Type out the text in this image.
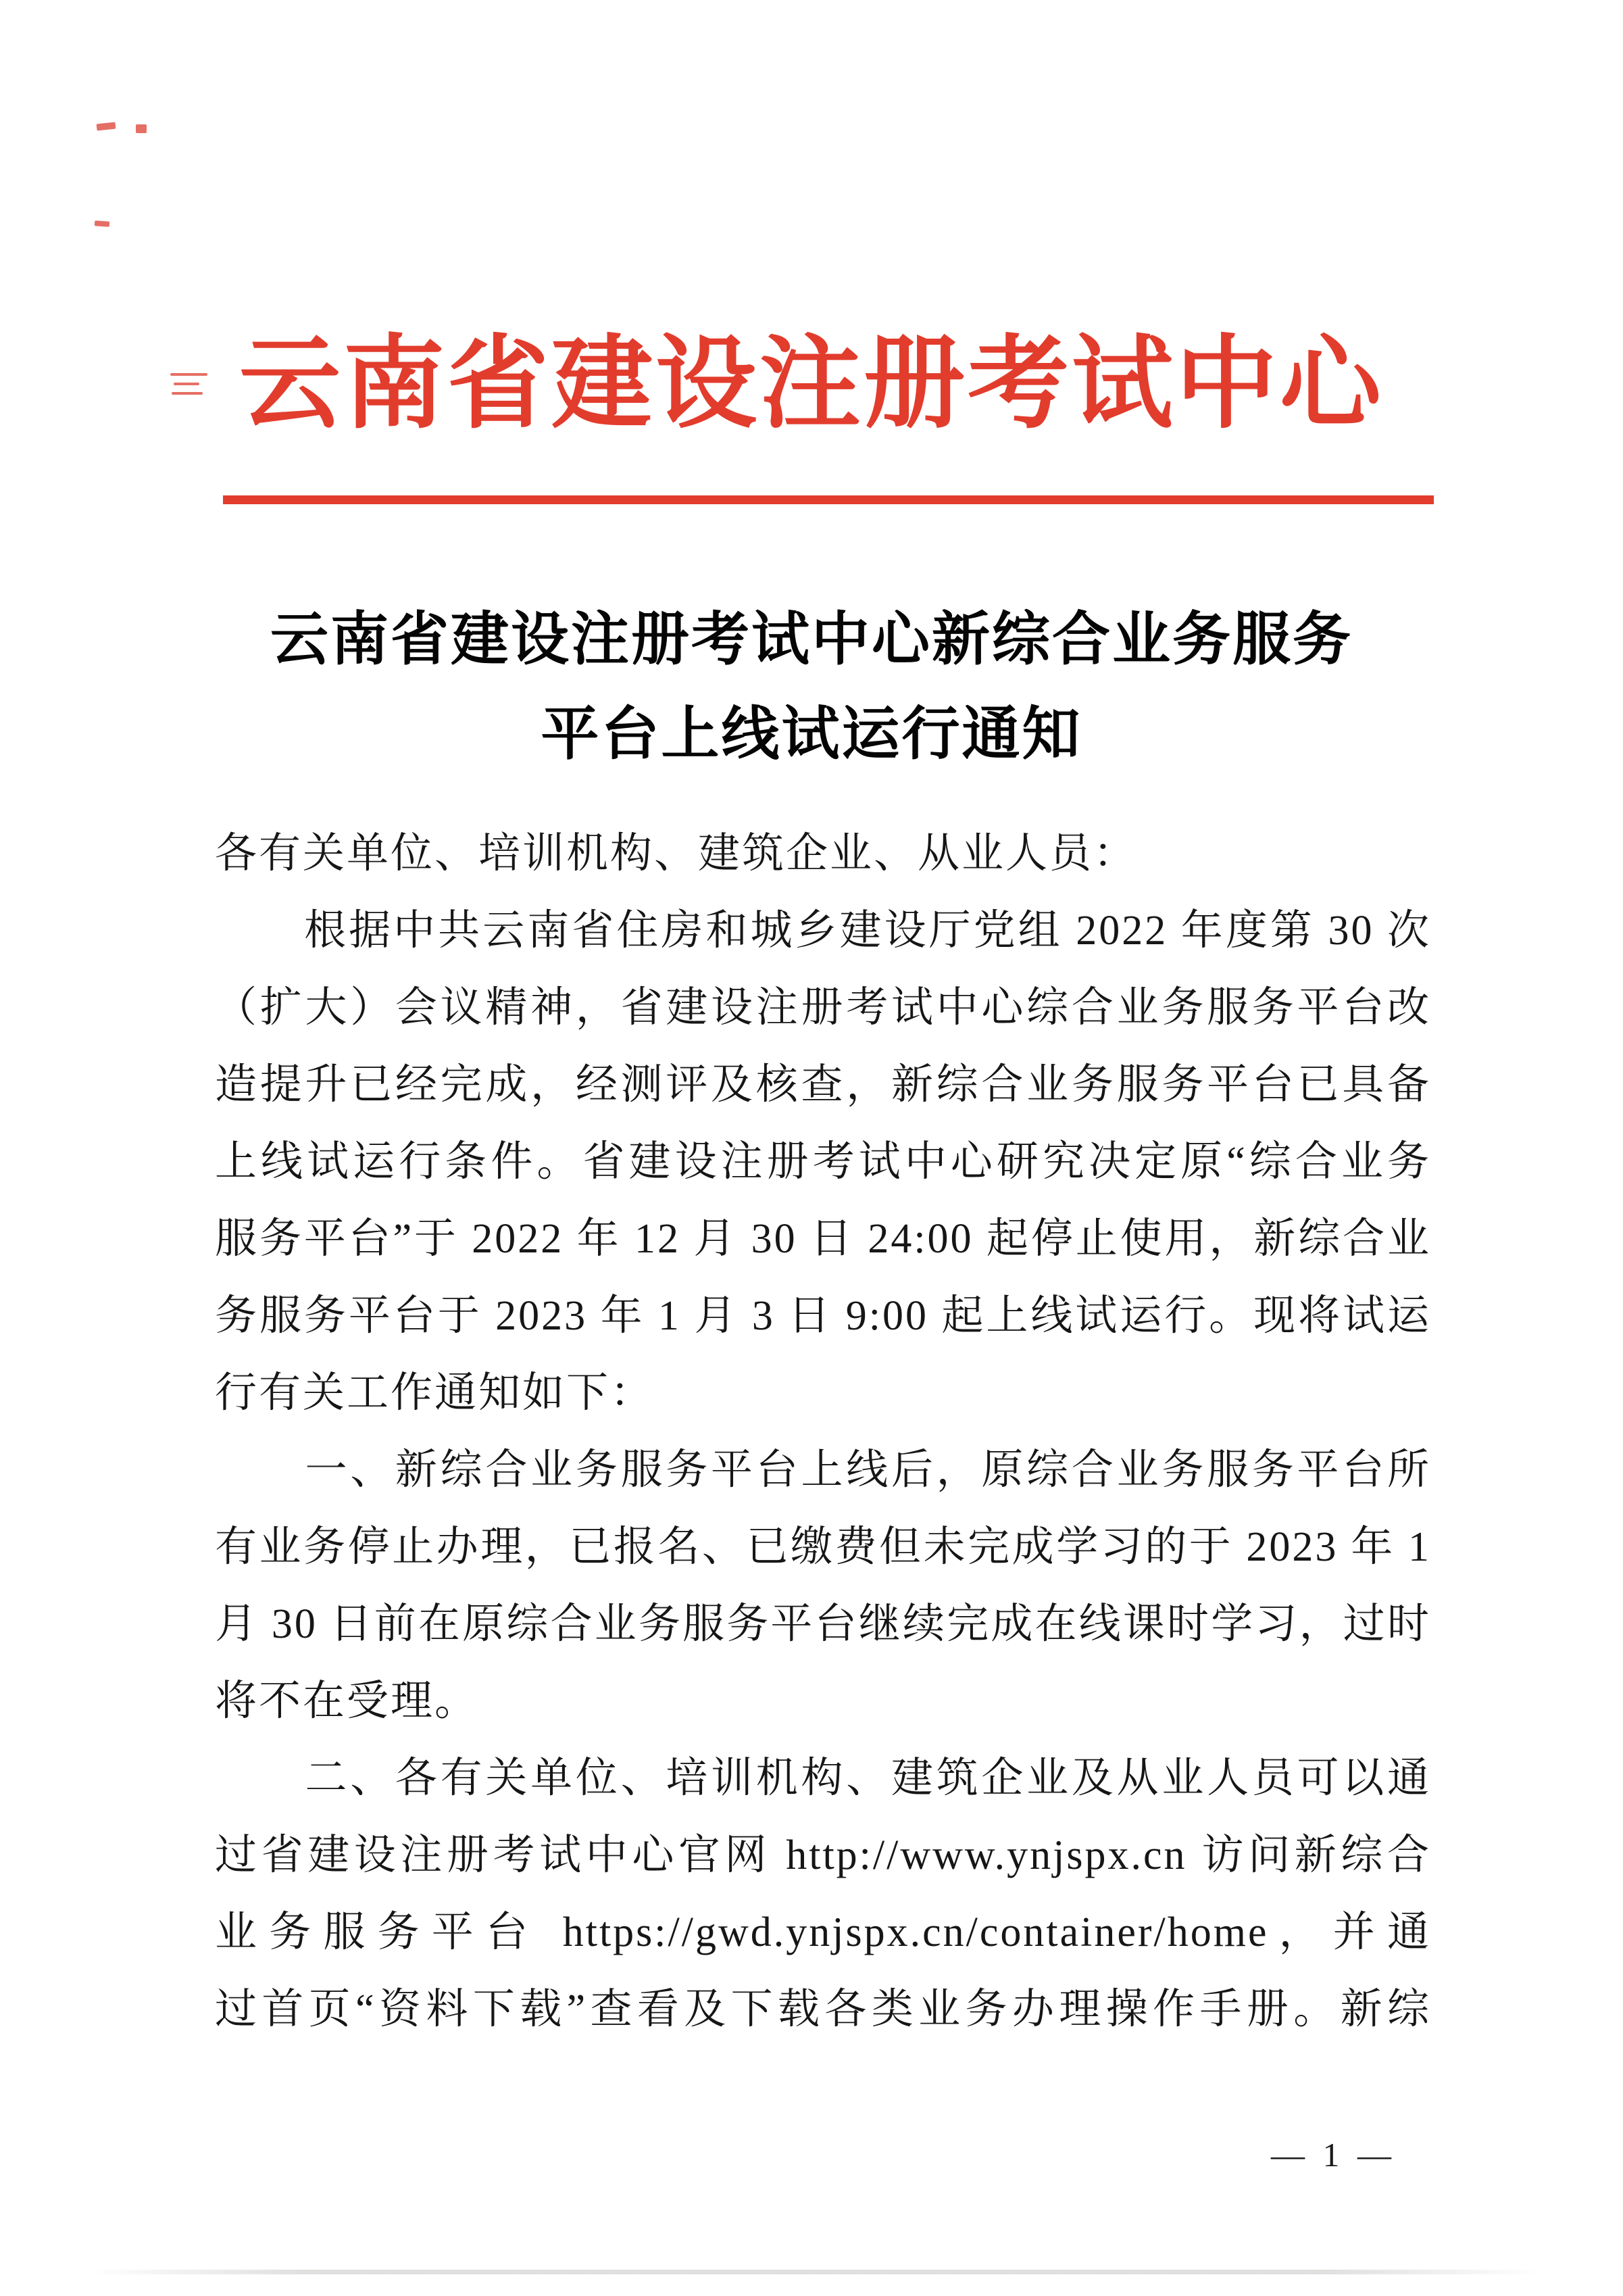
云南省建设注册考试中心
云南省建设注册考试中心新综合业务服务
平台上线试运行通知
各有关单位、培训机构、建筑企业、从业人员：
　　根据中共云南省住房和城乡建设厅党组 2022 年度第 30 次
（扩大）会议精神，省建设注册考试中心综合业务服务平台改
造提升已经完成，经测评及核查，新综合业务服务平台已具备
上线试运行条件。省建设注册考试中心研究决定原“综合业务
服务平台”于 2022 年 12 月 30 日 24:00 起停止使用，新综合业
务服务平台于 2023 年 1 月 3 日 9:00 起上线试运行。现将试运
行有关工作通知如下：
　　一、新综合业务服务平台上线后，原综合业务服务平台所
有业务停止办理，已报名、已缴费但未完成学习的于 2023 年 1
月 30 日前在原综合业务服务平台继续完成在线课时学习，过时
将不在受理。
　　二、各有关单位、培训机构、建筑企业及从业人员可以通
过省建设注册考试中心官网 http://www.ynjspx.cn 访问新综合
业务服务平台 https://gwd.ynjspx.cn/container/home，并通
过首页“资料下载”查看及下载各类业务办理操作手册。新综
— 1 —
